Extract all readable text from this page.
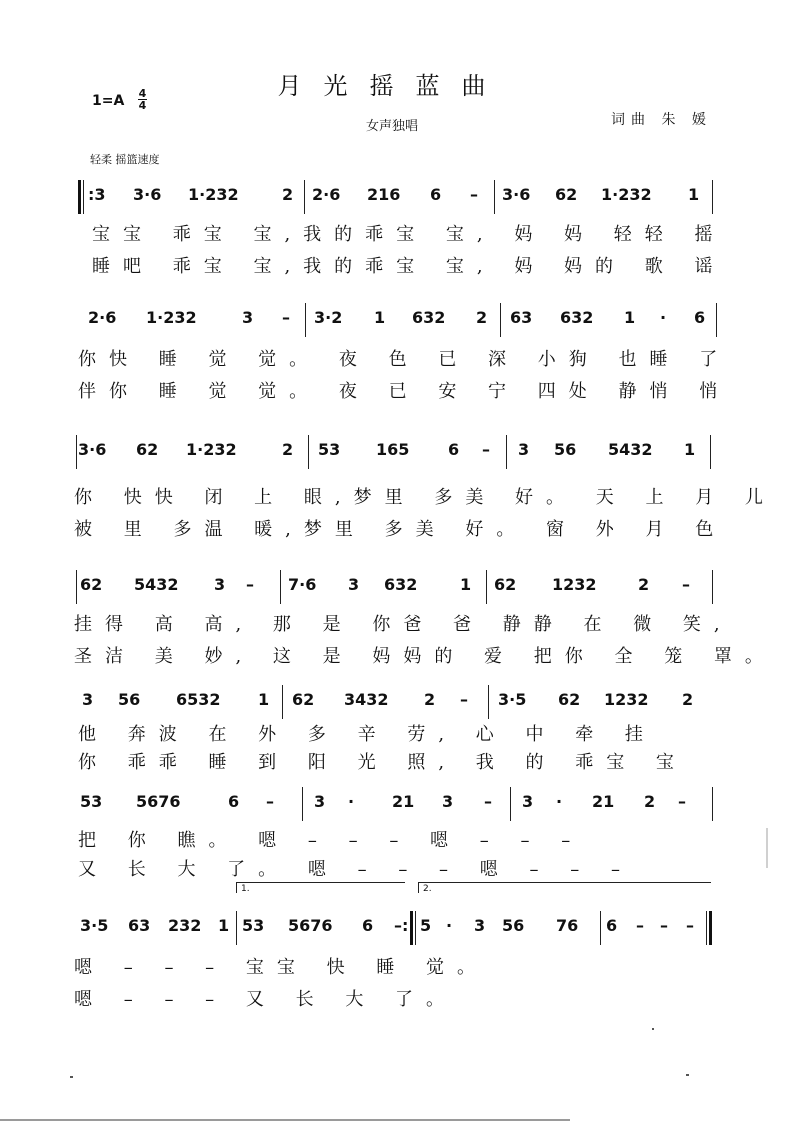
月光摇蓝曲
女声独唱
1=A 4
4
词曲 朱 媛
轻柔 摇篮速度
:3 3·6 1·232	2 2·6 216 6 – 3·6 62 1·232 1
宝宝 乖宝 宝,我的乖宝 宝, 妈 妈 轻轻 摇
睡吧 乖宝 宝,我的乖宝 宝, 妈 妈的 歌 谣
2·6 1·232	3 – 3·2 1 632 2 63 632 1 · 6
你快 睡 觉 觉。 夜 色 已 深 小狗 也睡 了
伴你 睡 觉 觉。 夜 已 安 宁 四处 静悄 悄
3·6 62 1·232	2 53 165 6 – 3 56 5432 1
你 快快 闭 上 眼,梦里 多美 好。 天 上 月 儿
被 里 多温 暖,梦里 多美 好。 窗 外 月 色
62 5432 3 – 7·6 3 632	1 62 1232	2 –
挂得 高 高, 那 是 你爸 爸 静静 在 微 笑,
圣洁 美 妙, 这 是 妈妈的 爱 把你 全 笼 罩。
3 56 6532 1 62 3432 2 – 3·5 62 1232 2
他 奔波 在 外 多 辛 劳, 心 中 牵 挂
你 乖乖 睡 到 阳 光 照, 我 的 乖宝 宝
53 5676	6 –	3 · 21 3 – 3 · 21 2 –
把 你 瞧。 嗯 – – – 嗯 – – –
又 长 大 了。 嗯 – – – 嗯 – – –
1.	2.
3·5 63 232 1 53 5676 6 –: 5 · 3 56 76 6 – – –
嗯 – – – 宝宝 快 睡 觉。
嗯 – – – 又 长 大 了。
